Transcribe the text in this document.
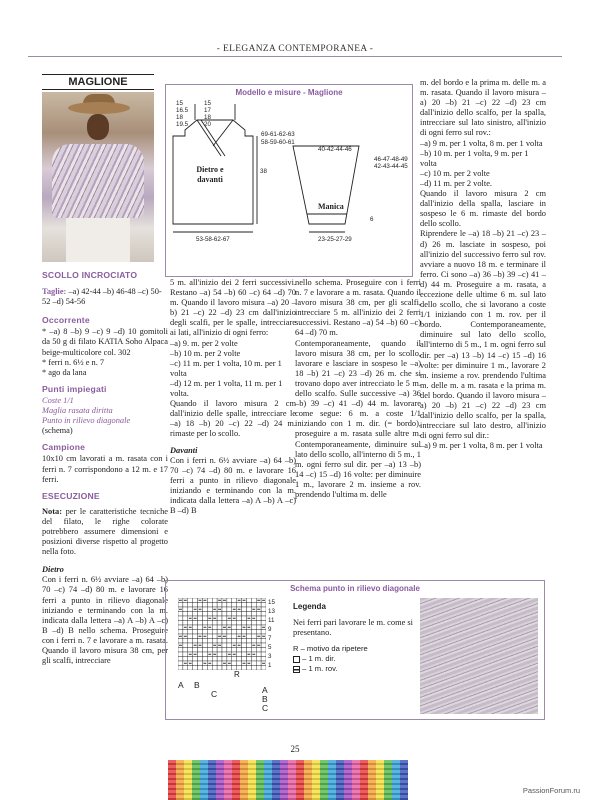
- ELEGANZA CONTEMPORANEA -
MAGLIONE
SCOLLO INCROCIATO
Taglie: –a) 42-44 –b) 46-48 –c) 50-52 –d) 54-56
Occorrente
* –a) 8 –b) 9 –c) 9 –d) 10 gomitoli da 50 g di filato KATIA Soho Alpaca beige-multicolore col. 302
* ferri n. 6½ e n. 7
* ago da lana
Punti impiegati
Coste 1/1
Maglia rasata diritta
Punto in rilievo diagonale
(schema)
Campione
10x10 cm lavorati a m. rasata con i ferri n. 7 corrispondono a 12 m. e 17 ferri.
ESECUZIONE
Nota: per le caratteristiche tecniche del filato, le righe colorate potrebbero assumere dimensioni e posizioni diverse rispetto al progetto nella foto.
Dietro
Con i ferri n. 6½ avviare –a) 64 –b) 70 –c) 74 –d) 80 m. e lavorare 16 ferri a punto in rilievo diagonale iniziando e terminando con la m. indicata dalla lettera –a) A –b) A –c) B –d) B nello schema. Proseguire con i ferri n. 7 e lavorare a m. rasata. Quando il lavoro misura 38 cm, per gli scalfi, intrecciare
Modello e misure - Maglione
15
16.5
18
19.5
15
17
18
20
69-61-62-63
58-59-60-61
38
Dietro e davanti
53-58-62-67
40-42-44-46
46-47-48-49
42-43-44-45
6
Manica
23-25-27-29
5 m. all'inizio dei 2 ferri successivi. Restano –a) 54 –b) 60 –c) 64 –d) 70 m. Quando il lavoro misura –a) 20 –b) 21 –c) 22 –d) 23 cm dall'inizio degli scalfi, per le spalle, intrecciare ai lati, all'inizio di ogni ferro:
–a) 9. m. per 2 volte
–b) 10 m. per 2 volte
–c) 11 m. per 1 volta, 10 m. per 1 volta
–d) 12 m. per 1 volta, 11 m. per 1 volta.
Quando il lavoro misura 2 cm dall'inizio delle spalle, intrecciare le –a) 18 –b) 20 –c) 22 –d) 24 m. rimaste per lo scollo.
Davanti
Con i ferri n. 6½ avviare –a) 64 –b) 70 –c) 74 –d) 80 m. e lavorare 16 ferri a punto in rilievo diagonale iniziando e terminando con la m. indicata dalla lettera –a) A –b) A –c) B –d) B
nello schema. Proseguire con i ferri n. 7 e lavorare a m. rasata. Quando il lavoro misura 38 cm, per gli scalfi, intrecciare 5 m. all'inizio dei 2 ferri successivi. Restano –a) 54 –b) 60 –c) 64 –d) 70 m.
Contemporaneamente, quando il lavoro misura 38 cm, per lo scollo, lavorare e lasciare in sospeso le –a) 18 –b) 21 –c) 23 –d) 26 m. che si trovano dopo aver intrecciato le 5 m. dello scalfo. Sulle successive –a) 36 –b) 39 –c) 41 –d) 44 m. lavorare come segue: 6 m. a coste 1/1 iniziando con 1 m. dir. (= bordo), proseguire a m. rasata sulle altre m. Contemporaneamente, diminuire sul lato dello scollo, all'interno di 5 m., 1 m. ogni ferro sul dir. per –a) 13 –b) 14 –c) 15 –d) 16 volte: per diminuire 1 m., lavorare 2 m. insieme a rov. prendendo l'ultima m. delle
m. del bordo e la prima m. delle m. a m. rasata. Quando il lavoro misura –a) 20 –b) 21 –c) 22 –d) 23 cm dall'inizio dello scalfo, per la spalla, intrecciare sul lato sinistro, all'inizio di ogni ferro sul rov.:
–a) 9 m. per 1 volta, 8 m. per 1 volta
–b) 10 m. per 1 volta, 9 m. per 1 volta
–c) 10 m. per 2 volte
–d) 11 m. per 2 volte.
Quando il lavoro misura 2 cm dall'inizio della spalla, lasciare in sospeso le 6 m. rimaste del bordo dello scollo.
Riprendere le –a) 18 –b) 21 –c) 23 –d) 26 m. lasciate in sospeso, poi all'inizio del successivo ferro sul rov. avviare a nuovo 18 m. e terminare il ferro. Ci sono –a) 36 –b) 39 –c) 41 –d) 44 m. Proseguire a m. rasata, a eccezione delle ultime 6 m. sul lato dello scollo, che si lavorano a coste 1/1 iniziando con 1 m. rov. per il bordo. Contemporaneamente, diminuire sul lato dello scollo, all'interno di 5 m., 1 m. ogni ferro sul dir. per –a) 13 –b) 14 –c) 15 –d) 16 volte: per diminuire 1 m., lavorare 2 m. insieme a rov. prendendo l'ultima m. delle m. a m. rasata e la prima m. del bordo. Quando il lavoro misura –a) 20 –b) 21 –c) 22 –d) 23 cm dall'inizio dello scalfo, per la spalla, intrecciare sul lato destro, all'inizio di ogni ferro sul dir.:
–a) 9 m. per 1 volta, 8 m. per 1 volta
Schema punto in rilievo diagonale
15
13
11
9
7
5
3
1
R
A B
C	A
B
C
Legenda
Nei ferri pari lavorare le m. come si presentano.
R – motivo da ripetere
– 1 m. dir.
– 1 m. rov.
25
PassionForum.ru
